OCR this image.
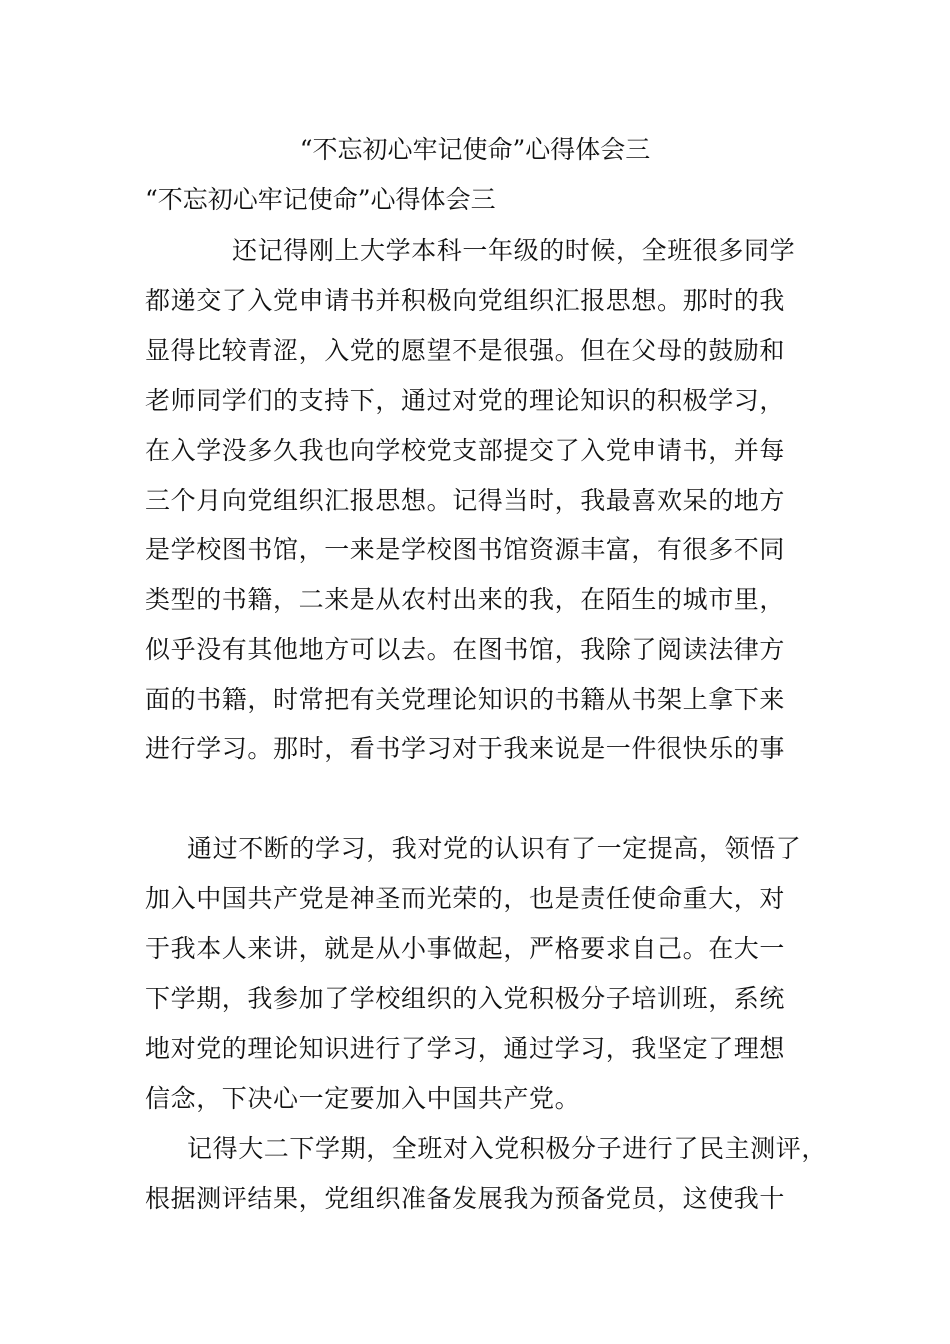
“不忘初心牢记使命”心得体会三
“不忘初心牢记使命”心得体会三
还记得刚上大学本科一年级的时候，全班很多同学
都递交了入党申请书并积极向党组织汇报思想。那时的我
显得比较青涩，入党的愿望不是很强。但在父母的鼓励和
老师同学们的支持下，通过对党的理论知识的积极学习，
在入学没多久我也向学校党支部提交了入党申请书，并每
三个月向党组织汇报思想。记得当时，我最喜欢呆的地方
是学校图书馆，一来是学校图书馆资源丰富，有很多不同
类型的书籍，二来是从农村出来的我，在陌生的城市里，
似乎没有其他地方可以去。在图书馆，我除了阅读法律方
面的书籍，时常把有关党理论知识的书籍从书架上拿下来
进行学习。那时，看书学习对于我来说是一件很快乐的事
通过不断的学习，我对党的认识有了一定提高，领悟了
加入中国共产党是神圣而光荣的，也是责任使命重大，对
于我本人来讲，就是从小事做起，严格要求自己。在大一
下学期，我参加了学校组织的入党积极分子培训班，系统
地对党的理论知识进行了学习，通过学习，我坚定了理想
信念，下决心一定要加入中国共产党。
记得大二下学期，全班对入党积极分子进行了民主测评，
根据测评结果，党组织准备发展我为预备党员，这使我十
